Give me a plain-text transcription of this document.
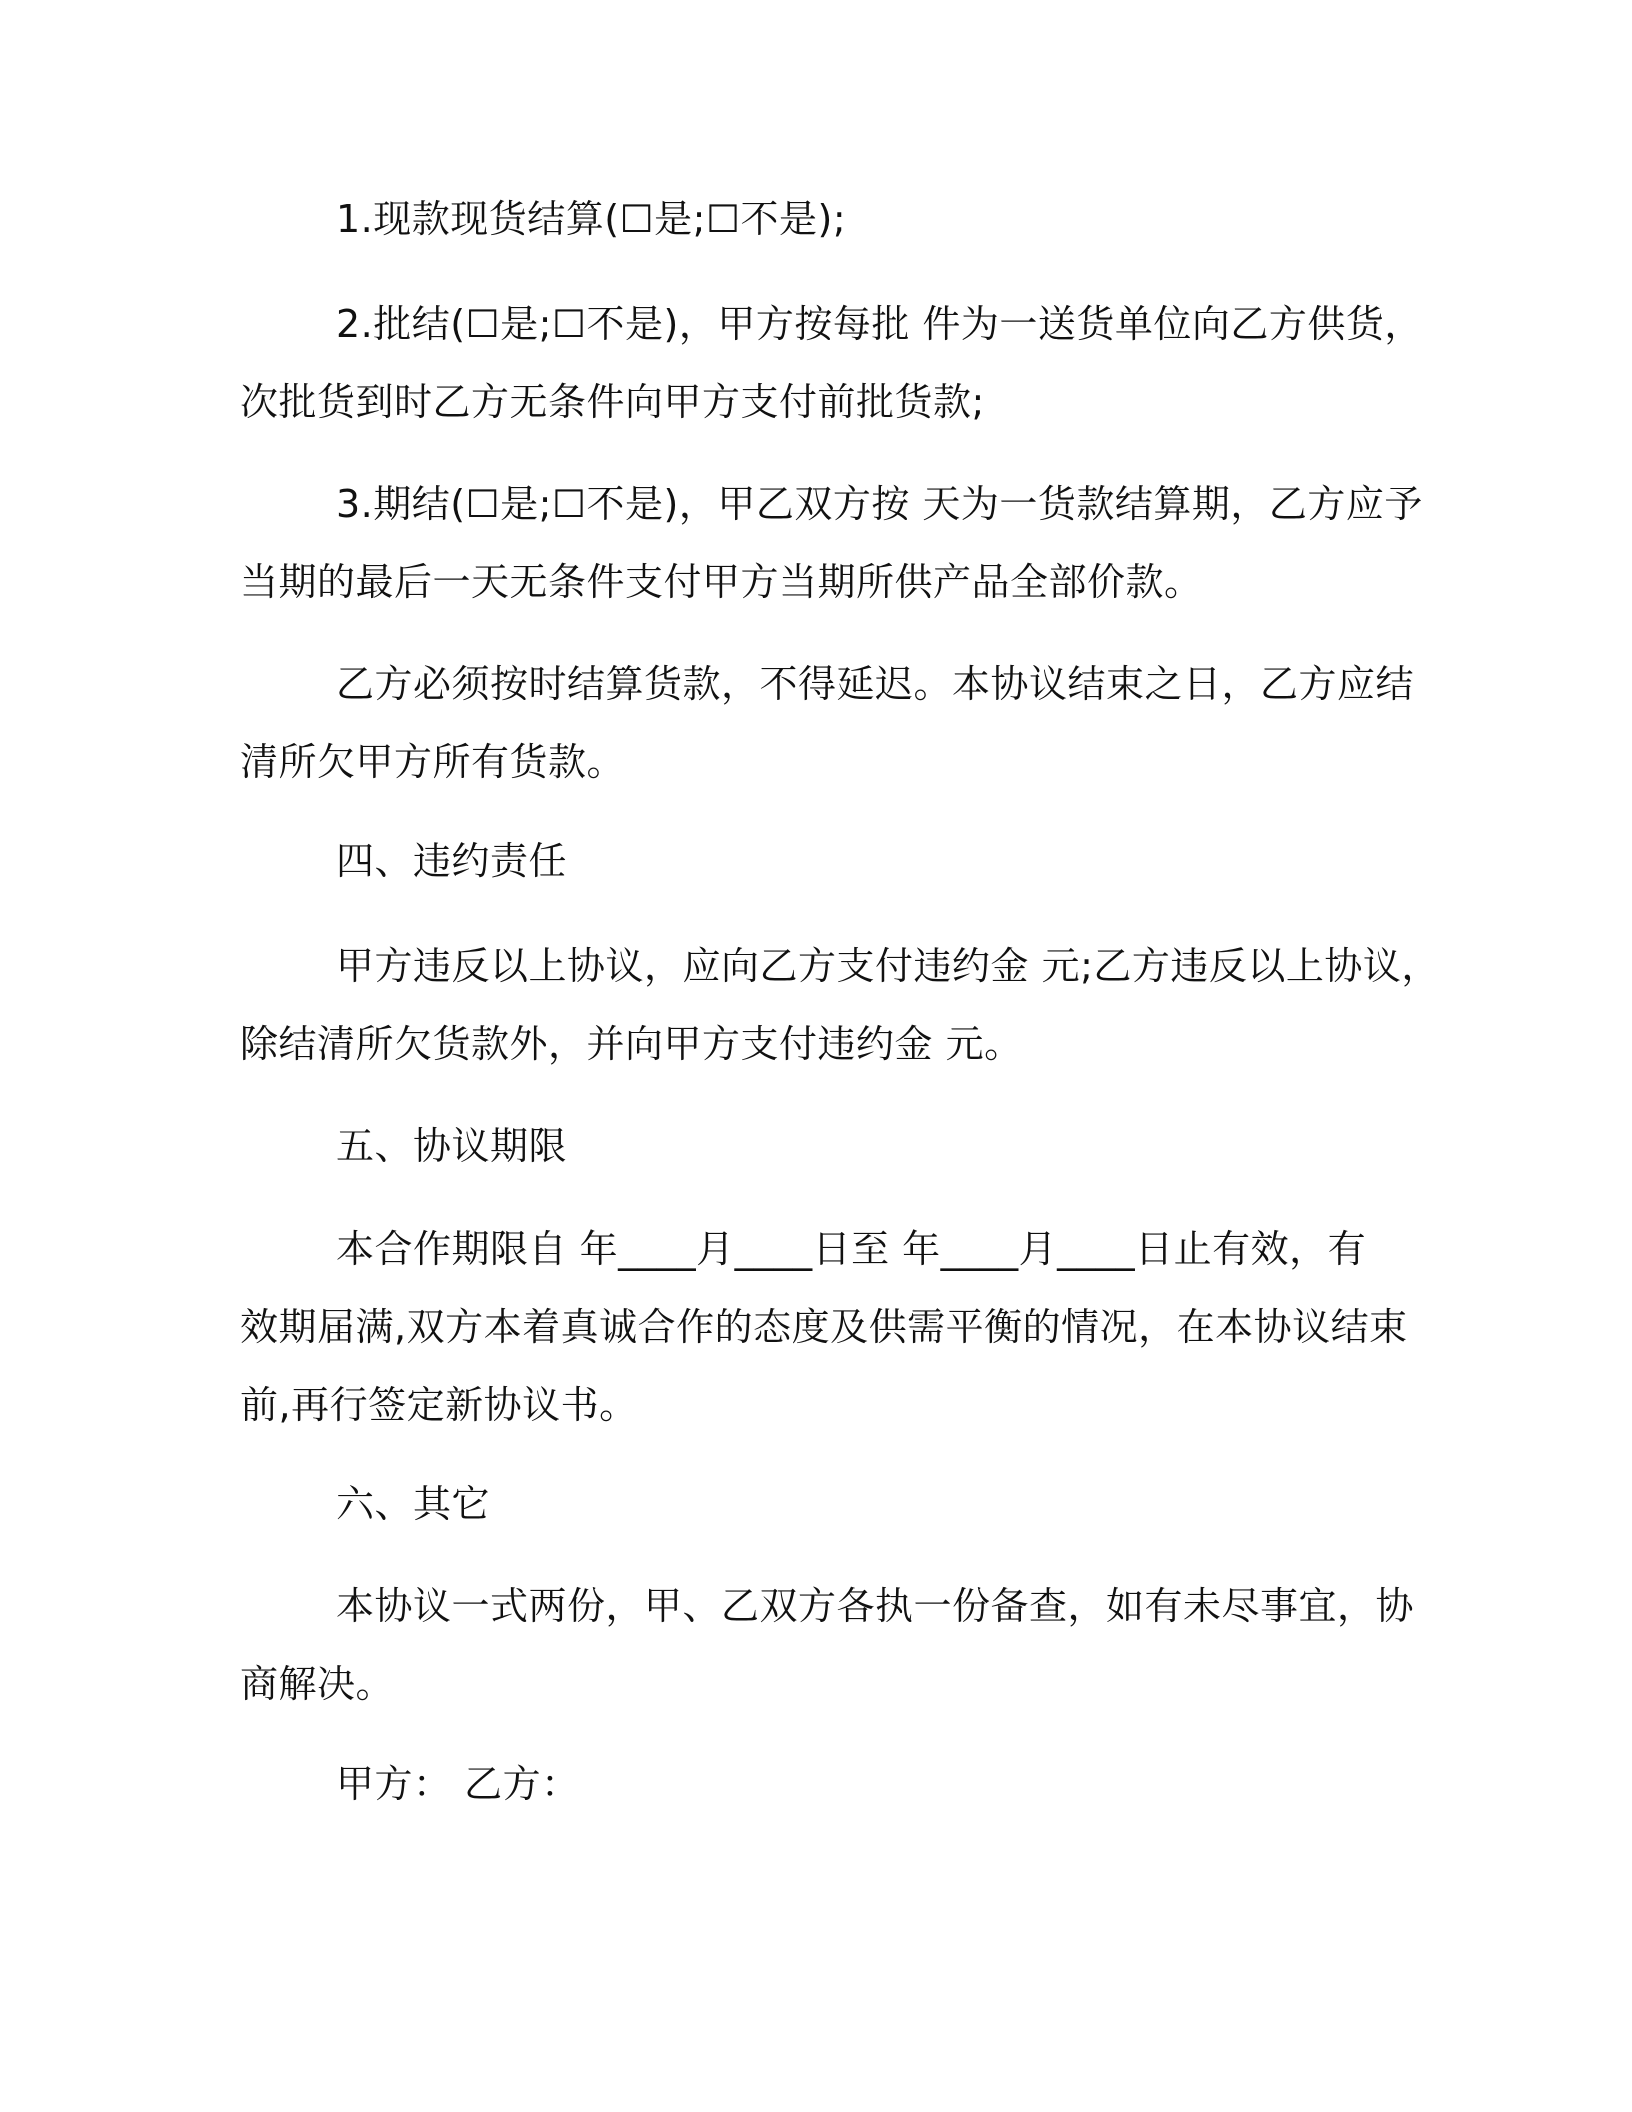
1.现款现货结算(☐是;☐不是);
2.批结(☐是;☐不是)，甲方按每批 件为一送货单位向乙方供货，
次批货到时乙方无条件向甲方支付前批货款;
3.期结(☐是;☐不是)，甲乙双方按 天为一货款结算期，乙方应予
当期的最后一天无条件支付甲方当期所供产品全部价款。
乙方必须按时结算货款，不得延迟。本协议结束之日，乙方应结
清所欠甲方所有货款。
四、违约责任
甲方违反以上协议，应向乙方支付违约金 元;乙方违反以上协议，
除结清所欠货款外，并向甲方支付违约金 元。
五、协议期限
本合作期限自 年____月____日至 年____月____日止有效，有
效期届满,双方本着真诚合作的态度及供需平衡的情况，在本协议结束
前,再行签定新协议书。
六、其它
本协议一式两份，甲、乙双方各执一份备查，如有未尽事宜，协
商解决。
甲方： 乙方：
